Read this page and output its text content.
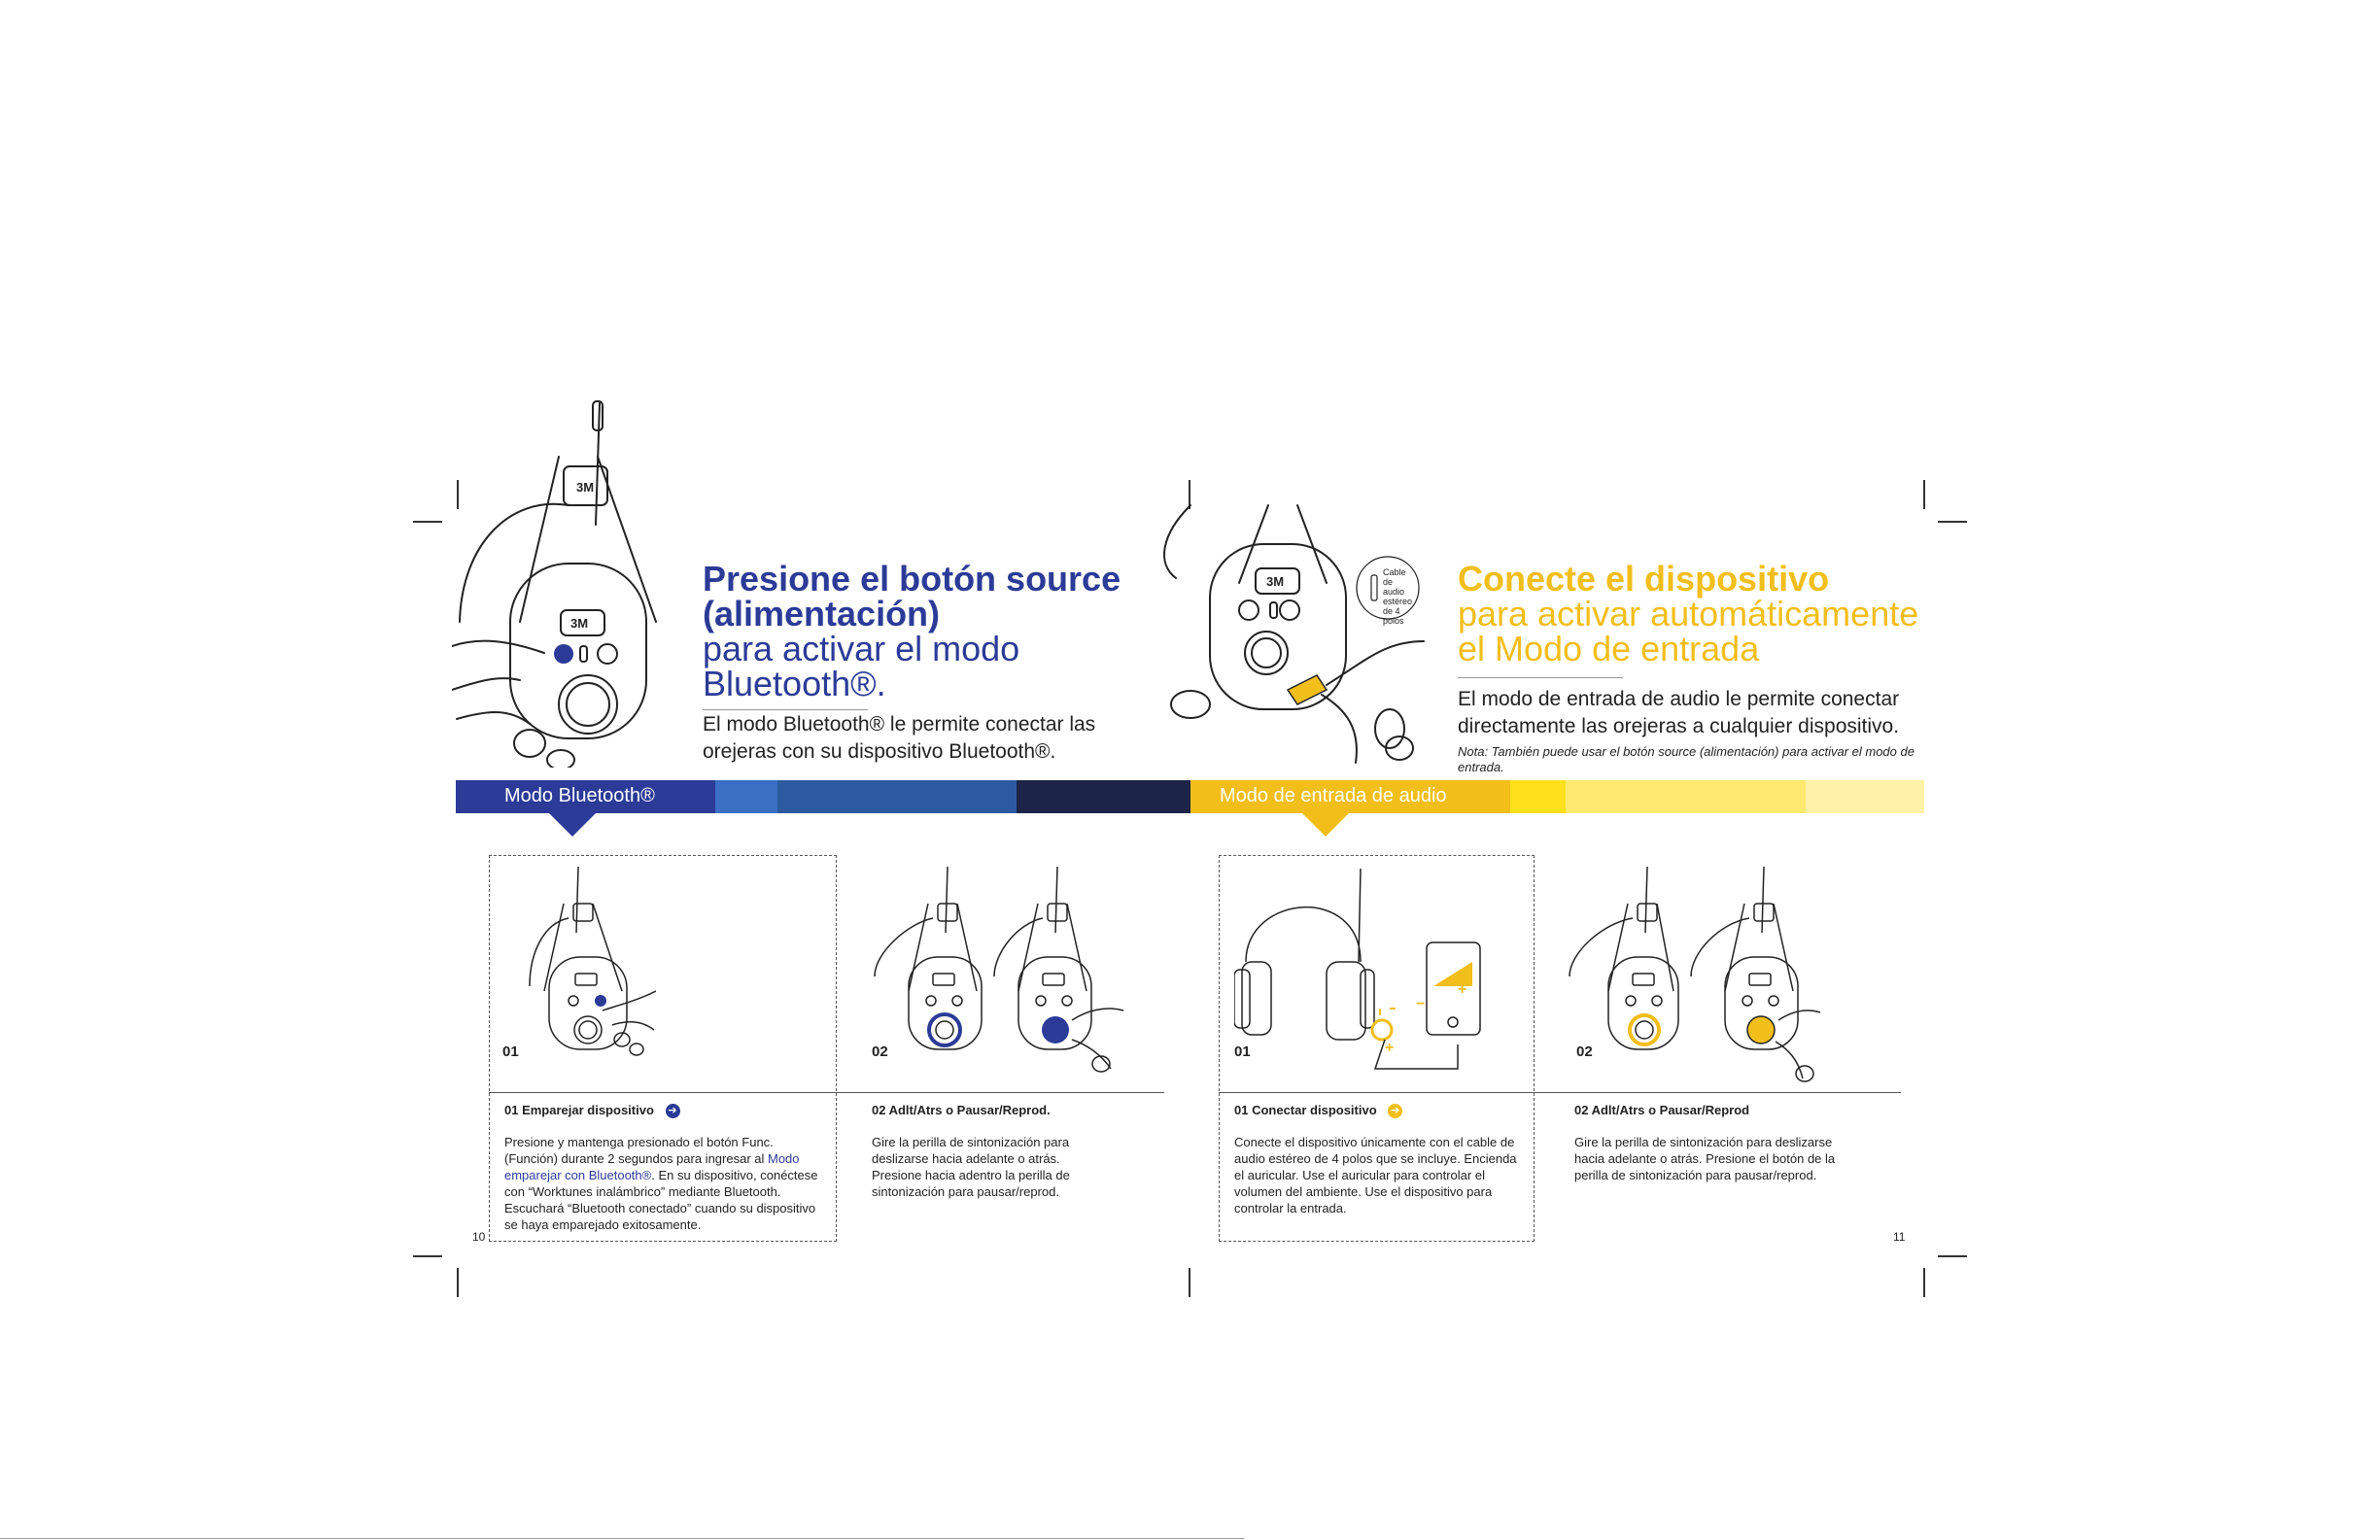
3M
3M
Presione el botón source
(alimentación)
para activar el modo
Bluetooth®.
El modo Bluetooth® le permite conectar las orejeras con su dispositivo Bluetooth®.
3M
Cable de audio estéreo de 4 polos
Conecte el dispositivo
para activar automáticamente
el Modo de entrada
El modo de entrada de audio le permite conectar directamente las orejeras a cualquier dispositivo.
Nota: También puede usar el botón source (alimentación) para activar el modo de entrada.
Modo Bluetooth®	Modo de entrada de audio
−
+
+
01	02	01	02
01 Emparejar dispositivo ➔
Presione y mantenga presionado el botón Func. (Función) durante 2 segundos para ingresar al Modo emparejar con Bluetooth®. En su dispositivo, conéctese con “Worktunes inalámbrico” mediante Bluetooth. Escuchará “Bluetooth conectado” cuando su dispositivo se haya emparejado exitosamente.
02 Adlt/Atrs o Pausar/Reprod.
Gire la perilla de sintonización para deslizarse hacia adelante o atrás. Presione hacia adentro la perilla de sintonización para pausar/reprod.
01 Conectar dispositivo ➔
Conecte el dispositivo únicamente con el cable de audio estéreo de 4 polos que se incluye. Encienda el auricular. Use el auricular para controlar el volumen del ambiente. Use el dispositivo para controlar la entrada.
02 Adlt/Atrs o Pausar/Reprod
Gire la perilla de sintonización para deslizarse hacia adelante o atrás. Presione el botón de la perilla de sintonización para pausar/reprod.
10	11
